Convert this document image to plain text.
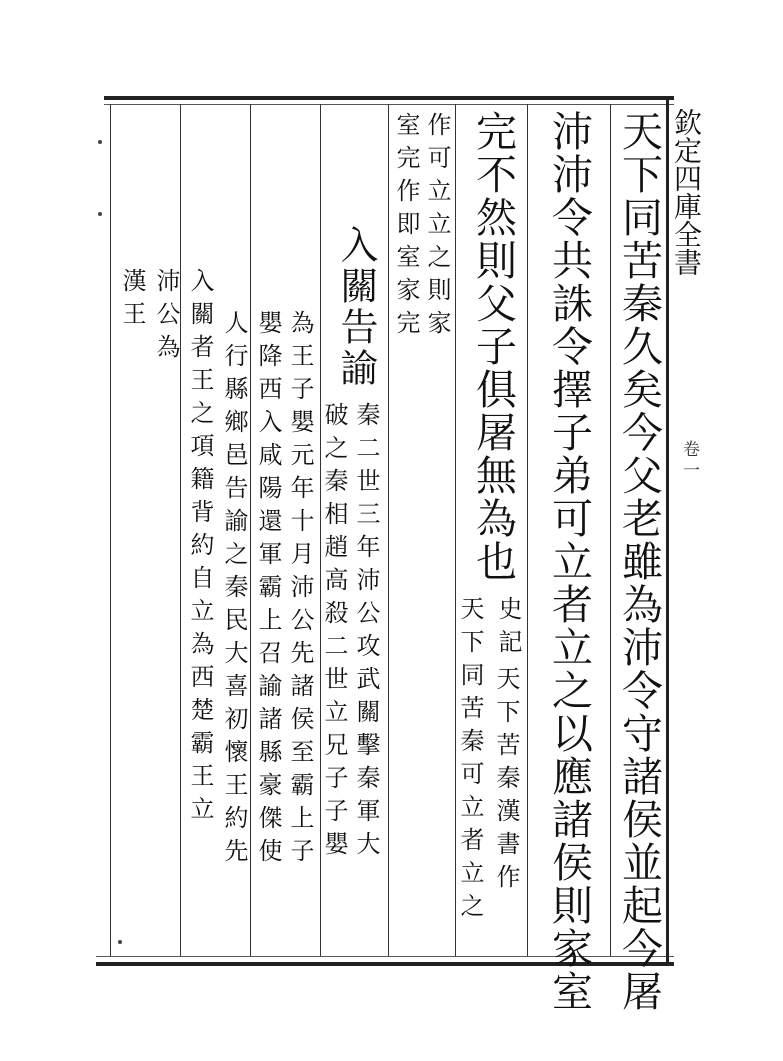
欽定四庫全書
卷一
天下同苦秦久矣今父老雖為沛令守諸侯並起今屠
沛沛令共誅令擇子弟可立者立之以應諸侯則家室
完不然則父子俱屠無為也
史記
天下同苦秦可立者立之 天下苦秦漢書作
作可立立之則家
室完作即室家完
入關告諭
秦二世三年沛公攻武關擊秦軍大
破之秦相趙高殺二世立兄子子嬰
為王子嬰元年十月沛公先諸侯至霸上子
嬰降西入咸陽還軍霸上召諭諸縣豪傑使
人行縣鄉邑告諭之秦民大喜初懷王約先
入關者王之項籍背約自立為西楚霸王立
沛公為
漢王
